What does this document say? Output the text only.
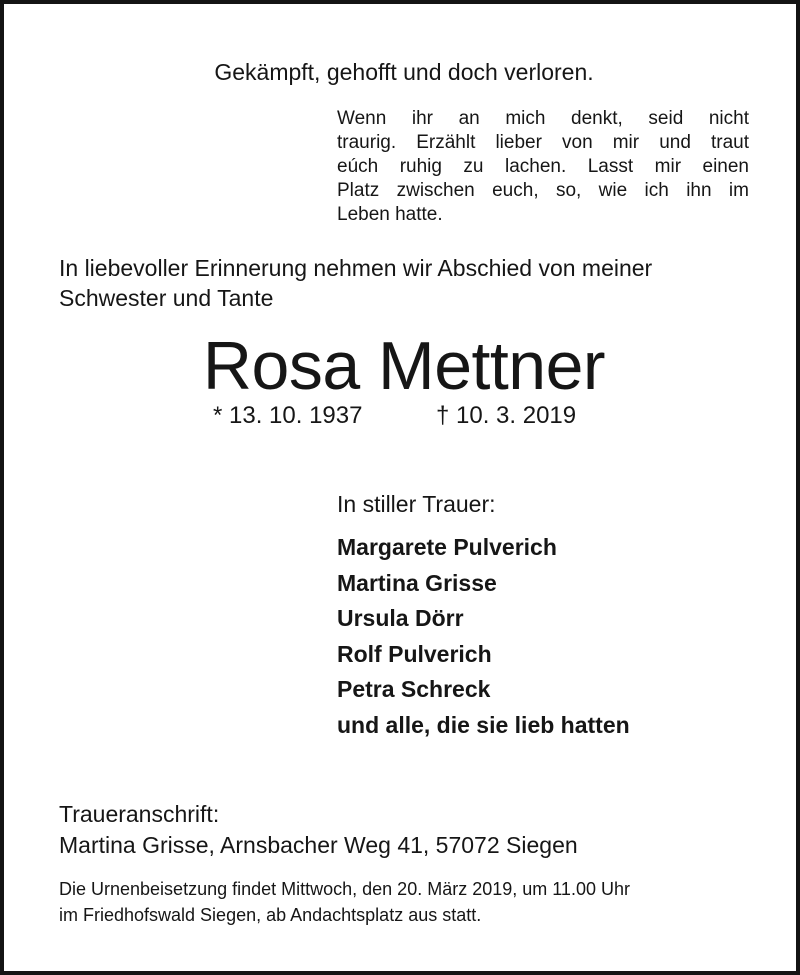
Gekämpft, gehofft und doch verloren.
Wenn ihr an mich denkt, seid nicht
traurig. Erzählt lieber von mir und traut
eúch ruhig zu lachen. Lasst mir einen
Platz zwischen euch, so, wie ich ihn im
Leben hatte.
In liebevoller Erinnerung nehmen wir Abschied von meiner
Schwester und Tante
Rosa Mettner
* 13. 10. 1937	† 10. 3. 2019
In stiller Trauer:
Margarete Pulverich
Martina Grisse
Ursula Dörr
Rolf Pulverich
Petra Schreck
und alle, die sie lieb hatten
Traueranschrift:
Martina Grisse, Arnsbacher Weg 41, 57072 Siegen
Die Urnenbeisetzung findet Mittwoch, den 20. März 2019, um 11.00 Uhr
im Friedhofswald Siegen, ab Andachtsplatz aus statt.
